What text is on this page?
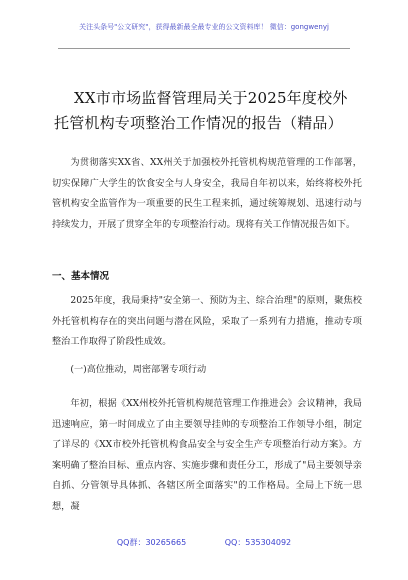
关注头条号"公文研究"，获得最新最全最专业的公文资料库！ 微信：gongwenyj
XX市市场监督管理局关于2025年度校外
托管机构专项整治工作情况的报告（精品）

为贯彻落实XX省、XX州关于加强校外托管机构规范管理的工作部署，切实保障广大学生的饮食安全与人身安全，我局自年初以来，始终将校外托管机构安全监管作为一项重要的民生工程来抓，通过统筹规划、迅速行动与持续发力，开展了贯穿全年的专项整治行动。现将有关工作情况报告如下。

一、基本情况

2025年度，我局秉持"安全第一、预防为主、综合治理"的原则，聚焦校外托管机构存在的突出问题与潜在风险，采取了一系列有力措施，推动专项整治工作取得了阶段性成效。

(一)高位推动，周密部署专项行动

年初，根据《XX州校外托管机构规范管理工作推进会》会议精神，我局迅速响应，第一时间成立了由主要领导挂帅的专项整治工作领导小组，制定了详尽的《XX市校外托管机构食品安全与安全生产专项整治行动方案》。方案明确了整治目标、重点内容、实施步骤和责任分工，形成了"局主要领导亲自抓、分管领导具体抓、各辖区所全面落实"的工作格局。全局上下统一思想，凝

QQ群：30265665	QQ：535304092
